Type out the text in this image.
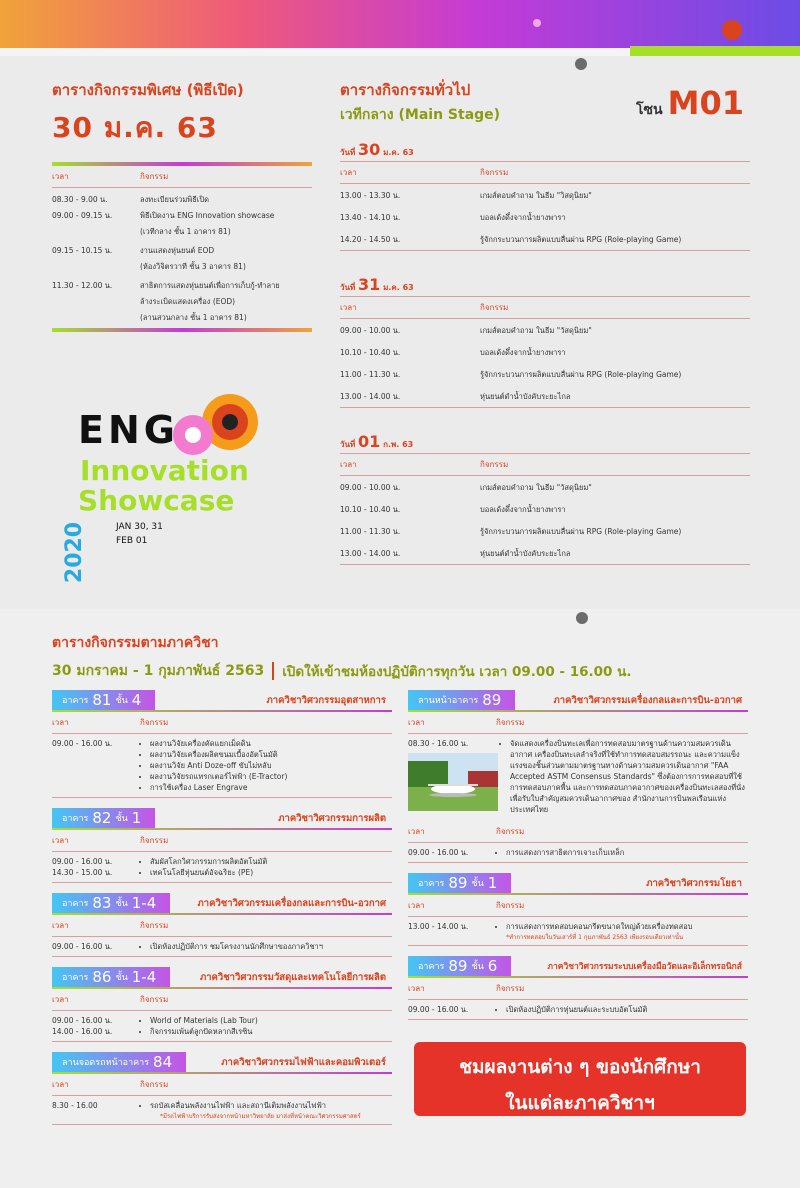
ตารางกิจกรรมพิเศษ (พิธีเปิด)
30 ม.ค. 63
เวลา	กิจกรรม
08.30 - 9.00 น.	ลงทะเบียนร่วมพิธีเปิด
09.00 - 09.15 น.	พิธีเปิดงาน ENG Innovation showcase
(เวทีกลาง ชั้น 1 อาคาร 81)
09.15 - 10.15 น.	งานแสดงหุ่นยนต์ EOD
(ห้องวิจิตรวาที ชั้น 3 อาคาร 81)
11.30 - 12.00 น.	สาธิตการแสดงหุ่นยนต์เพื่อการเก็บกู้-ทำลาย
ล้างระเบิดแสดงเครื่อง (EOD)
(ลานสวนกลาง ชั้น 1 อาคาร 81)
ENG
Innovation
Showcase
2020	JAN 30, 31
FEB 01
ตารางกิจกรรมทั่วไป
เวทีกลาง (Main Stage)	โซน M01
วันที่ 30 ม.ค. 63
เวลา	กิจกรรม
13.00 - 13.30 น.	เกมส์ตอบคำถาม ในธีม "วิสดุนิยม"
13.40 - 14.10 น.	บอลเด้งดึ๋งจากน้ำยางพารา
14.20 - 14.50 น.	รู้จักกระบวนการผลิตแบบลื่นผ่าน RPG (Role-playing Game)
วันที่ 31 ม.ค. 63
เวลา	กิจกรรม
09.00 - 10.00 น.	เกมส์ตอบคำถาม ในธีม "วัสดุนิยม"
10.10 - 10.40 น.	บอลเด้งดึ๋งจากน้ำยางพารา
11.00 - 11.30 น.	รู้จักกระบวนการผลิตแบบลื่นผ่าน RPG (Role-playing Game)
13.00 - 14.00 น.	หุ่นยนต์ดำน้ำบังคับระยะไกล
วันที่ 01 ก.พ. 63
เวลา	กิจกรรม
09.00 - 10.00 น.	เกมส์ตอบคำถาม ในธีม "วัสดุนิยม"
10.10 - 10.40 น.	บอลเด้งดึ๋งจากน้ำยางพารา
11.00 - 11.30 น.	รู้จักกระบวนการผลิตแบบลื่นผ่าน RPG (Role-playing Game)
13.00 - 14.00 น.	หุ่นยนต์ดำน้ำบังคับระยะไกล
ตารางกิจกรรมตามภาควิชา
30 มกราคม - 1 กุมภาพันธ์ 2563 เปิดให้เข้าชมห้องปฏิบัติการทุกวัน เวลา 09.00 - 16.00 น.
อาคาร 81 ชั้น 4	ภาควิชาวิศวกรรมอุตสาหการ
เวลา	กิจกรรม
09.00 - 16.00 น.	• ผลงานวิจัยเครื่องคัดแยกเม็ดดิน
• ผลงานวิจัยเครื่องผลิตขนมเบื้องอัตโนมัติ
• ผลงานวิจัย Anti Doze-off ขับไม่หลับ
• ผลงานวิจัยรถแทรกเตอร์ไฟฟ้า (E-Tractor)
• การใช้เครื่อง Laser Engrave
อาคาร 82 ชั้น 1	ภาควิชาวิศวกรรมการผลิต
เวลา	กิจกรรม
09.00 - 16.00 น.	• สัมผัสโลกวิศวกรรมการผลิตอัตโนมัติ
14.30 - 15.00 น.	• เทคโนโลยีหุ่นยนต์อัจฉริยะ (PE)
อาคาร 83 ชั้น 1-4	ภาควิชาวิศวกรรมเครื่องกลและการบิน-อวกาศ
เวลา	กิจกรรม
09.00 - 16.00 น.	• เปิดห้องปฏิบัติการ ชมโครงงานนักศึกษาของภาควิชาฯ
อาคาร 86 ชั้น 1-4	ภาควิชาวิศวกรรมวัสดุและเทคโนโลยีการผลิต
เวลา	กิจกรรม
09.00 - 16.00 น.	• World of Materials (Lab Tour)
14.00 - 16.00 น.	• กิจกรรมเพ้นต์ลูกปัดหลากสีเรซิน
ลานจอดรถหน้าอาคาร 84	ภาควิชาวิศวกรรมไฟฟ้าและคอมพิวเตอร์
เวลา	กิจกรรม
8.30 - 16.00	• รถบัสเคลื่อนพลังงานไฟฟ้า และสถานีเติมพลังงานไฟฟ้า
*มีรถไฟฟ้าบริการรับส่งจากหน้ามหาวิทยาลัย มาส่งที่หน้าคณะวิศวกรรมศาสตร์
ลานหน้าอาคาร 89	ภาควิชาวิศวกรรมเครื่องกลและการบิน-อวกาศ
เวลา	กิจกรรม
08.30 - 16.00 น.	• จัดแสดงเครื่องบินทะเลเพื่อการทดสอบมาตรฐานด้านความสมควรเดินอากาศ เครื่องบินทะเลลำจริงที่ใช้ทำการทดสอบสมรรถนะ และความแข็งแรงของชิ้นส่วนตามมาตรฐานทางด้านความสมควรเดินอากาศ "FAA Accepted ASTM Consensus Standards" ซึ่งต้องการการทดสอบที่ใช้การทดสอบภาคพื้น และการทดสอบภาคอากาศของเครื่องบินทะเลสองที่นั่ง เพื่อรับใบสำคัญสมควรเดินอากาศของ สำนักงานการบินพลเรือนแห่งประเทศไทย
เวลา	กิจกรรม
09.00 - 16.00 น.	• การแสดงการสาธิตการเจาะเก็บเหล็ก
อาคาร 89 ชั้น 1	ภาควิชาวิศวกรรมโยธา
เวลา	กิจกรรม
13.00 - 14.00 น.	• การแสดงการทดสอบคอนกรีตขนาดใหญ่ด้วยเครื่องทดสอบ
*ทำการทดสอบในวันเสาร์ที่ 1 กุมภาพันธ์ 2563 เพียงรอบเดียวเท่านั้น
อาคาร 89 ชั้น 6	ภาควิชาวิศวกรรมระบบเครื่องมือวัดและอิเล็กทรอนิกส์
เวลา	กิจกรรม
09.00 - 16.00 น.	• เปิดห้องปฏิบัติการหุ่นยนต์และระบบอัตโนมัติ
ชมผลงานต่าง ๆ ของนักศึกษา
ในแต่ละภาควิชาฯ
